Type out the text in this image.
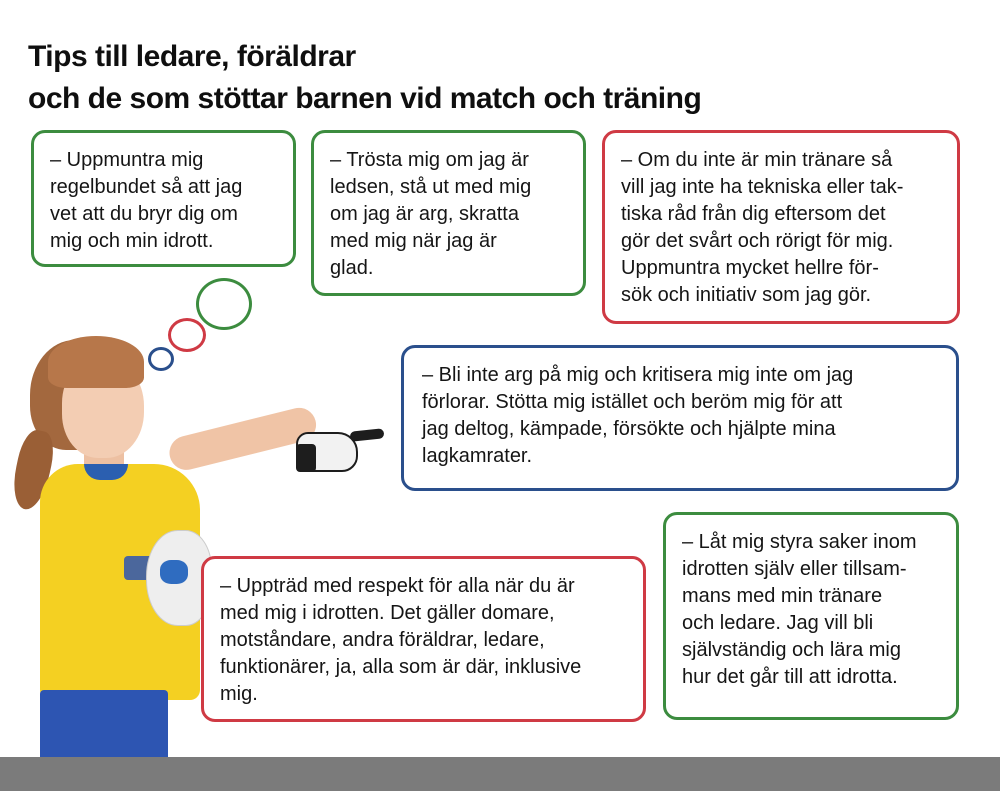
Tips till ledare, föräldrar
och de som stöttar barnen vid match och träning
– Uppmuntra mig
regelbundet så att jag
vet att du bryr dig om
mig och min idrott.
– Trösta mig om jag är
ledsen, stå ut med mig
om jag är arg, skratta
med mig när jag är
glad.
– Om du inte är min tränare så
vill jag inte ha tekniska eller tak-
tiska råd från dig eftersom det
gör det svårt och rörigt för mig.
Uppmuntra mycket hellre för-
sök och initiativ som jag gör.
– Bli inte arg på mig och kritisera mig inte om jag
förlorar. Stötta mig istället och beröm mig för att
jag deltog, kämpade, försökte och hjälpte mina
lagkamrater.
– Uppträd med respekt för alla när du är
med mig i idrotten. Det gäller domare,
motståndare, andra föräldrar, ledare,
funktionärer, ja, alla som är där, inklusive
mig.
– Låt mig styra saker inom
idrotten själv eller tillsam-
mans med min tränare
och ledare. Jag vill bli
självständig och lära mig
hur det går till att idrotta.
